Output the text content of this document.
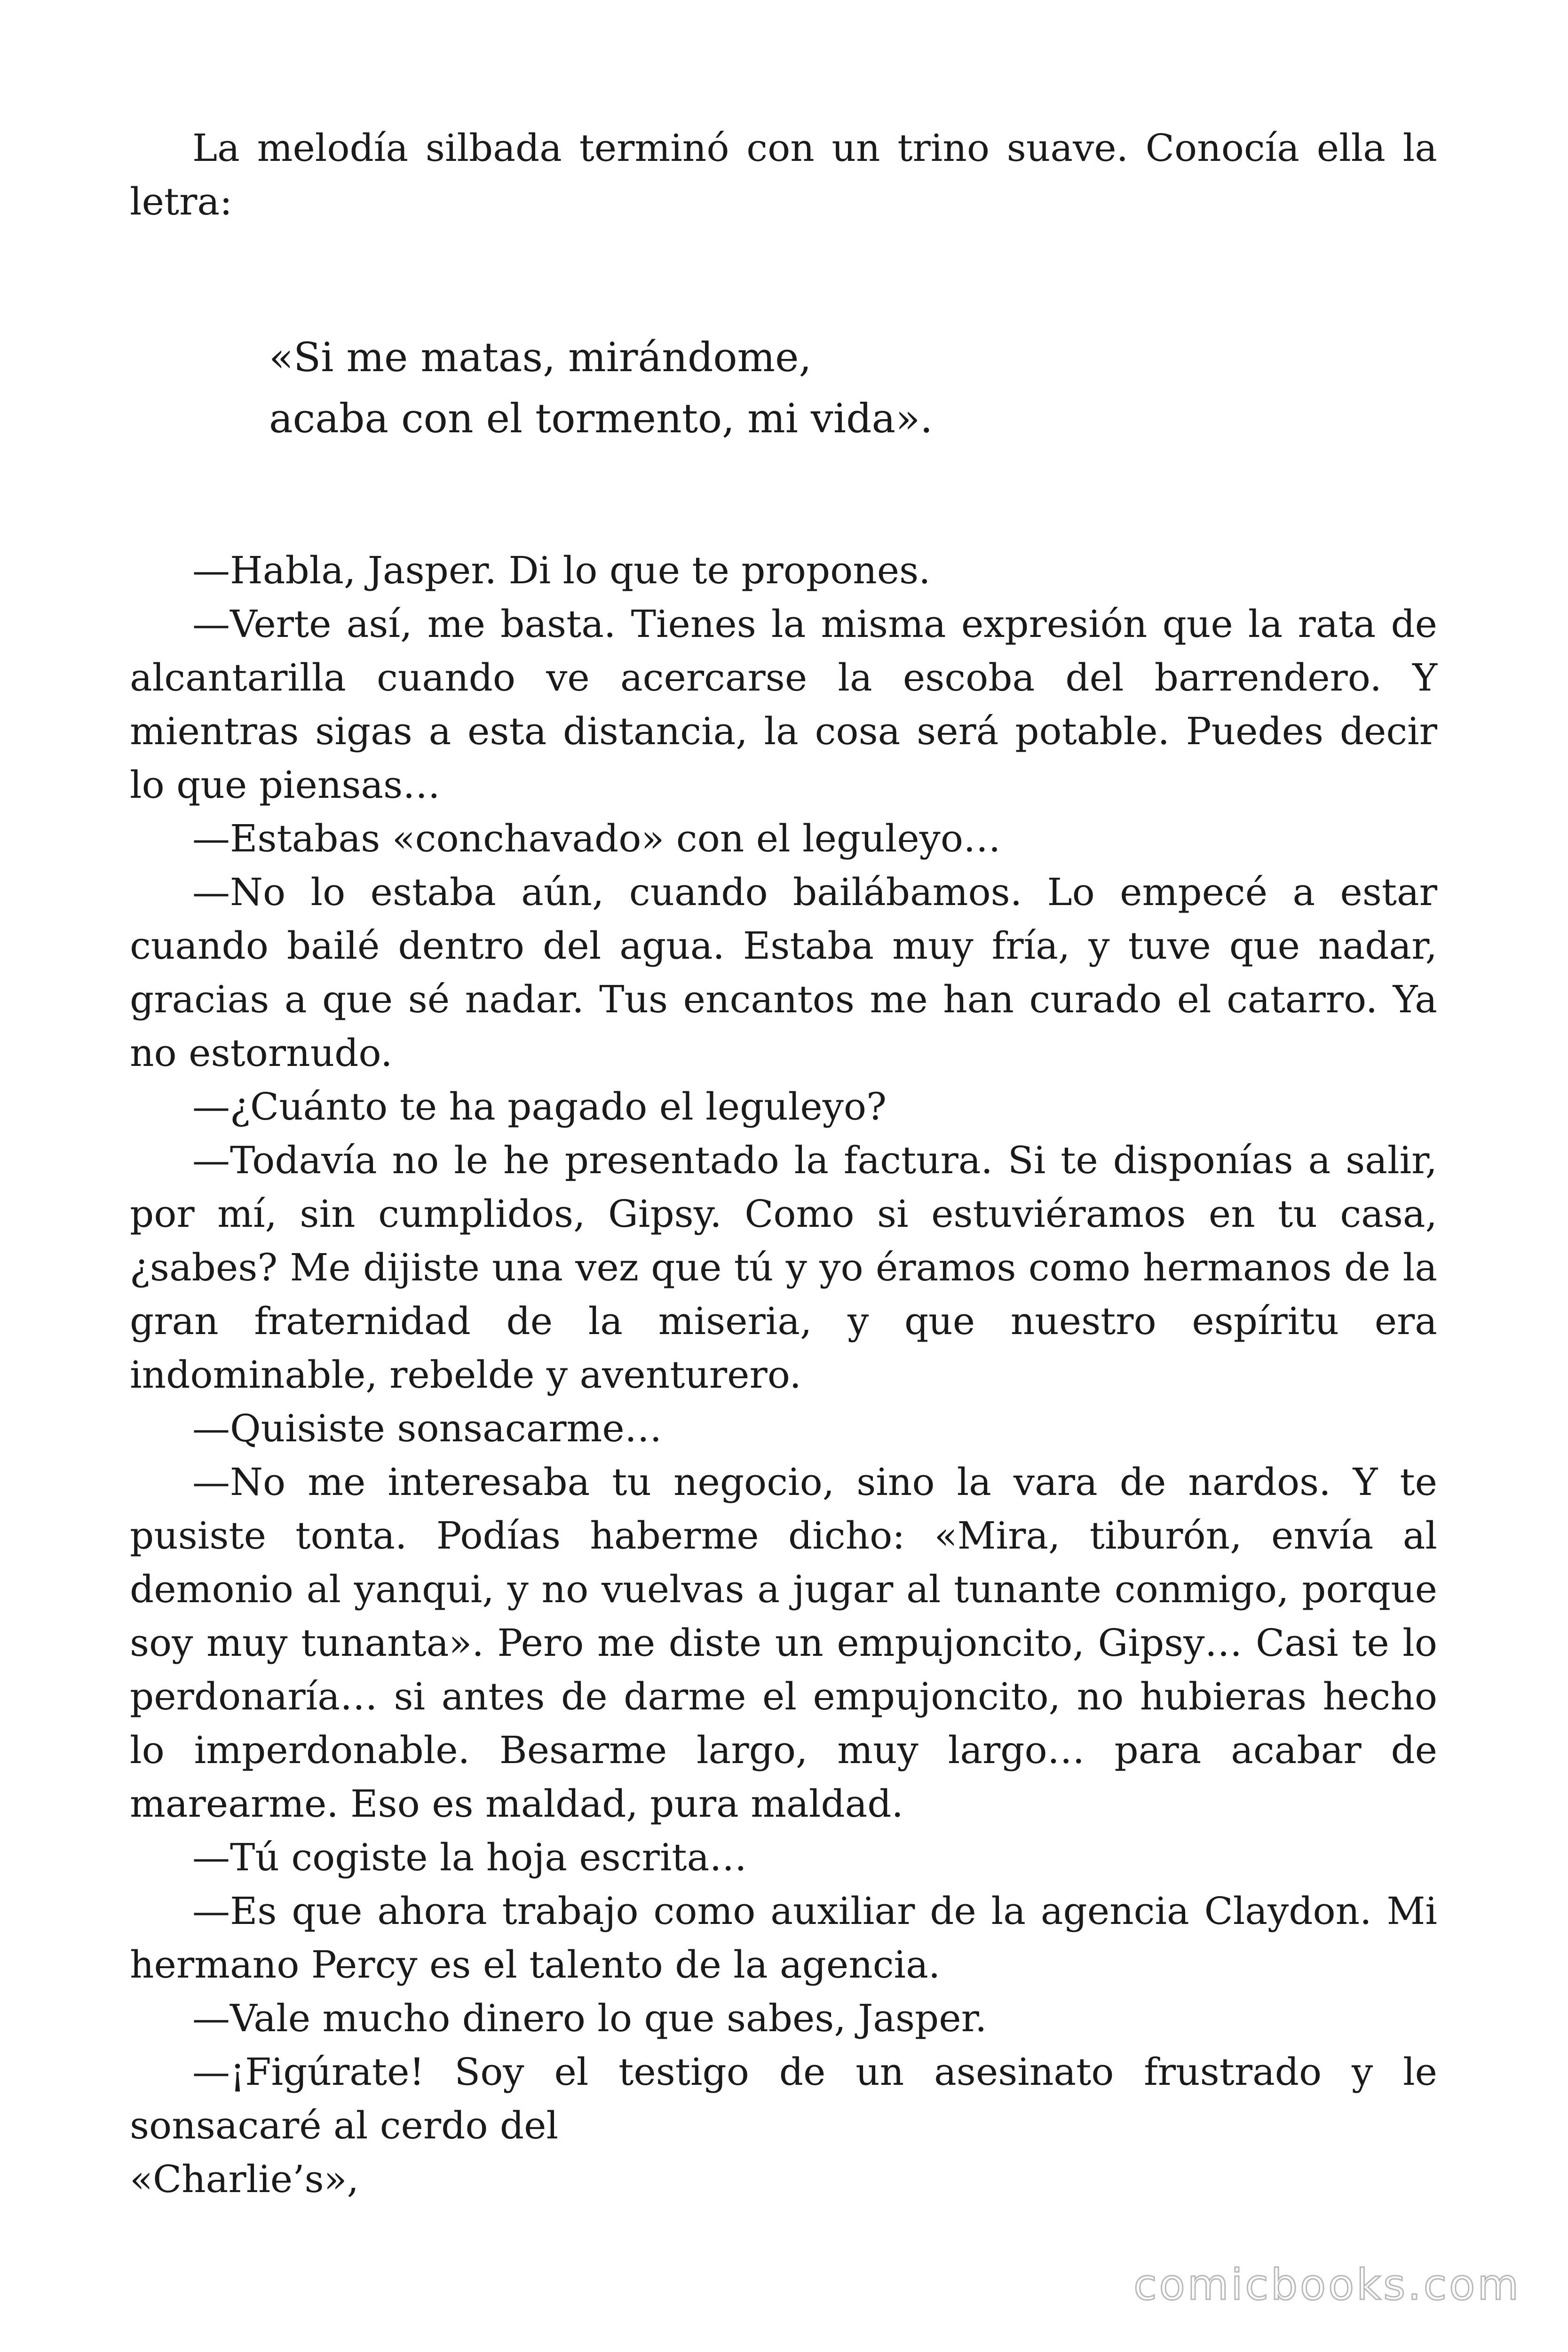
La melodía silbada terminó con un trino suave. Conocía ella la letra:

«Si me matas, mirándome,
acaba con el tormento, mi vida».

—Habla, Jasper. Di lo que te propones.

—Verte así, me basta. Tienes la misma expresión que la rata de alcantarilla cuando ve acercarse la escoba del barrendero. Y mientras sigas a esta distancia, la cosa será potable. Puedes decir lo que piensas…

—Estabas «conchavado» con el leguleyo…

—No lo estaba aún, cuando bailábamos. Lo empecé a estar cuando bailé dentro del agua. Estaba muy fría, y tuve que nadar, gracias a que sé nadar. Tus encantos me han curado el catarro. Ya no estornudo.

—¿Cuánto te ha pagado el leguleyo?

—Todavía no le he presentado la factura. Si te disponías a salir, por mí, sin cumplidos, Gipsy. Como si estuviéramos en tu casa, ¿sabes? Me dijiste una vez que tú y yo éramos como hermanos de la gran fraternidad de la miseria, y que nuestro espíritu era indominable, rebelde y aventurero.

—Quisiste sonsacarme…

—No me interesaba tu negocio, sino la vara de nardos. Y te pusiste tonta. Podías haberme dicho: «Mira, tiburón, envía al demonio al yanqui, y no vuelvas a jugar al tunante conmigo, porque soy muy tunanta». Pero me diste un empujoncito, Gipsy… Casi te lo perdonaría… si antes de darme el empujoncito, no hubieras hecho lo imperdonable. Besarme largo, muy largo… para acabar de marearme. Eso es maldad, pura maldad.

—Tú cogiste la hoja escrita…

—Es que ahora trabajo como auxiliar de la agencia Claydon. Mi hermano Percy es el talento de la agencia.

—Vale mucho dinero lo que sabes, Jasper.

—¡Figúrate! Soy el testigo de un asesinato frustrado y le sonsacaré al cerdo del

«Charlie’s»,

comicbooks.com
